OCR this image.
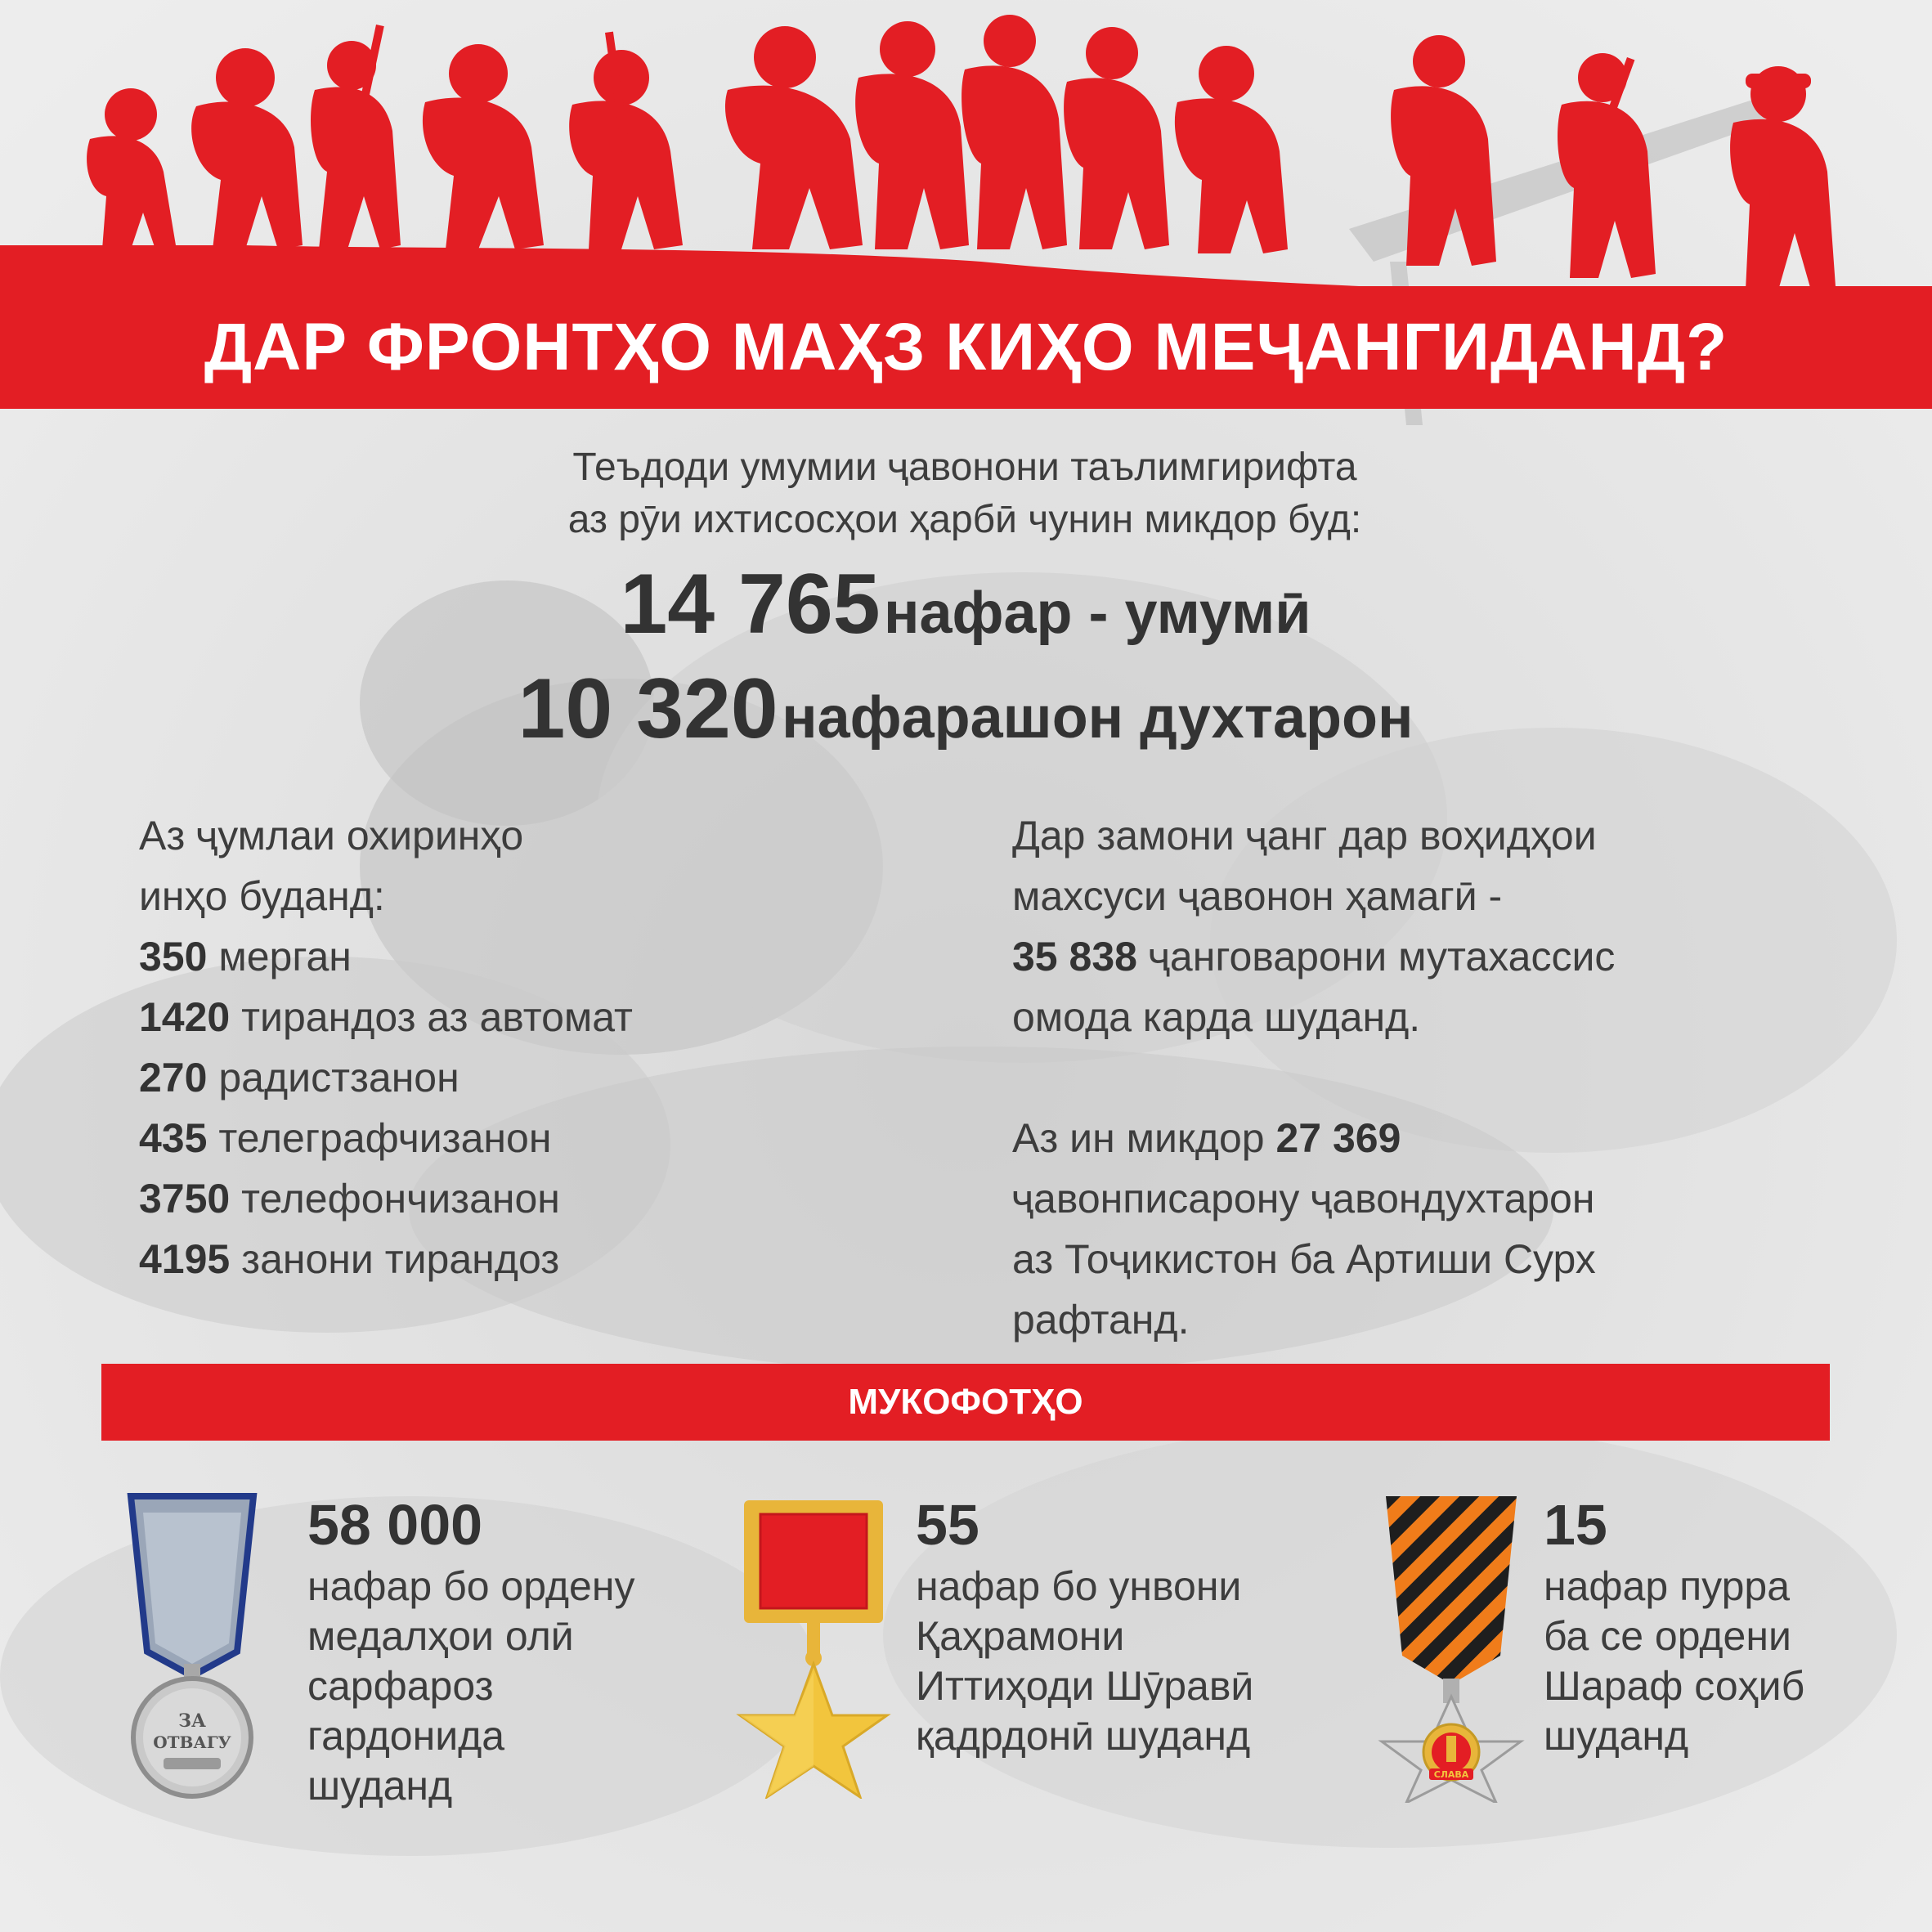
ДАР ФРОНТҲО МАҲЗ КИҲО МЕҶАНГИДАНД?
Теъдоди умумии ҷавонони таълимгирифта
аз рӯи ихтисосҳои ҳарбӣ чунин микдор буд:
14 765 нафар - умумӣ
10 320 нафарашон духтарон
Аз ҷумлаи охиринҳо
инҳо буданд:
350 мерган
1420 тирандоз аз автомат
270 радистзанон
435 телеграфчизанон
3750 телефончизанон
4195 занони тирандоз
Дар замони ҷанг дар воҳидҳои
махсуси ҷавонон ҳамагӣ -
35 838 ҷанговарони мутахассис
омода карда шуданд.
Аз ин микдор 27 369
ҷавонписарону ҷавондухтарон
аз Тоҷикистон ба Артиши Сурх
рафтанд.
МУКОФОТҲО
ЗА
ОТВАГУ
58 000
нафар бо ордену
медалҳои олӣ
сарфароз
гардонида
шуданд
55
нафар бо унвони
Қаҳрамони
Иттиҳоди Шӯравӣ
қадрдонӣ шуданд
СЛАВА
15
нафар пурра
ба се ордени
Шараф соҳиб
шуданд
